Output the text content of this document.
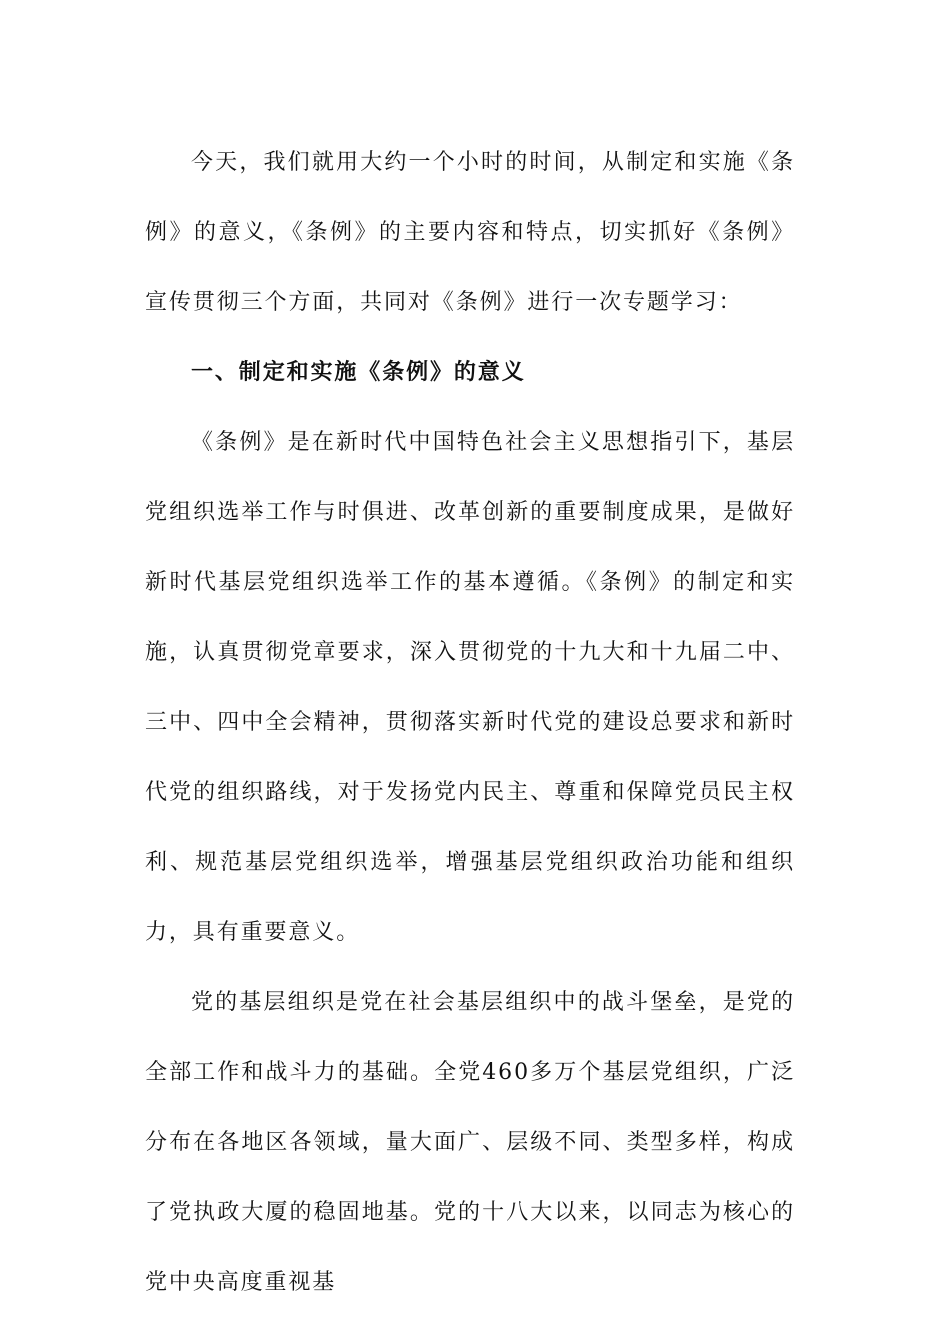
今天，我们就用大约一个小时的时间，从制定和实施《条例》的意义，《条例》的主要内容和特点，切实抓好《条例》宣传贯彻三个方面，共同对《条例》进行一次专题学习：

一、制定和实施《条例》的意义

《条例》是在新时代中国特色社会主义思想指引下，基层党组织选举工作与时俱进、改革创新的重要制度成果，是做好新时代基层党组织选举工作的基本遵循。《条例》的制定和实施，认真贯彻党章要求，深入贯彻党的十九大和十九届二中、三中、四中全会精神，贯彻落实新时代党的建设总要求和新时代党的组织路线，对于发扬党内民主、尊重和保障党员民主权利、规范基层党组织选举，增强基层党组织政治功能和组织力，具有重要意义。

党的基层组织是党在社会基层组织中的战斗堡垒，是党的全部工作和战斗力的基础。全党460多万个基层党组织，广泛分布在各地区各领域，量大面广、层级不同、类型多样，构成了党执政大厦的稳固地基。党的十八大以来，以同志为核心的党中央高度重视基
